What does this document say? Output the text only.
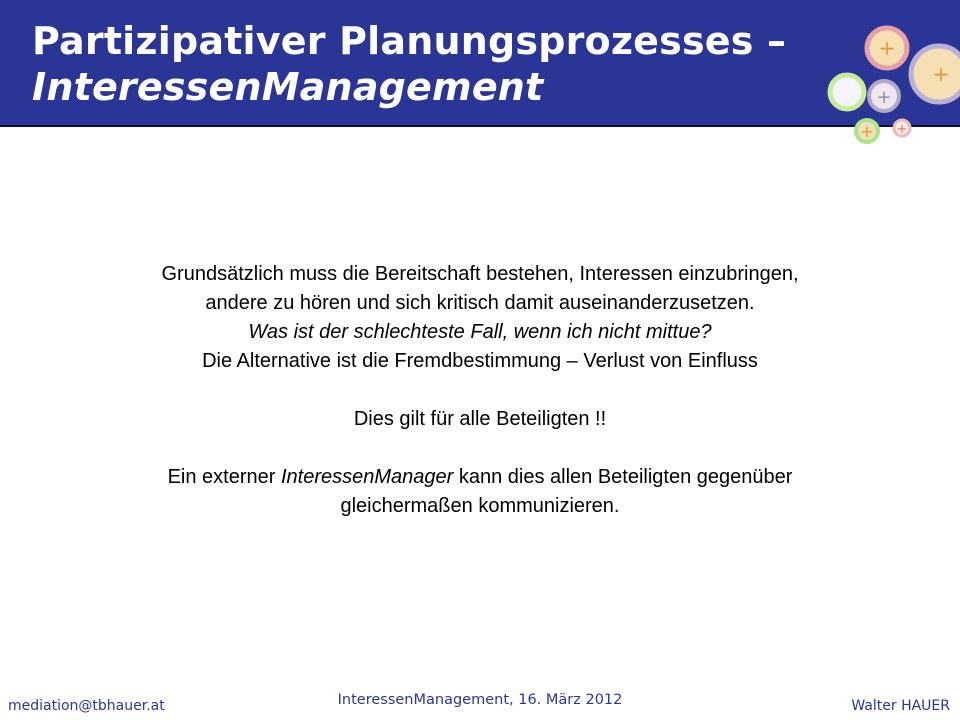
Partizipativer Planungsprozesses –
InteressenManagement
+
+
+
+ +

Grundsätzlich muss die Bereitschaft bestehen, Interessen einzubringen,

andere zu hören und sich kritisch damit auseinanderzusetzen.

Was ist der schlechteste Fall, wenn ich nicht mittue?

Die Alternative ist die Fremdbestimmung – Verlust von Einfluss

Dies gilt für alle Beteiligten !!

Ein externer InteressenManager kann dies allen Beteiligten gegenüber

gleichermaßen kommunizieren.

mediation@tbhauer.at	InteressenManagement, 16. März 2012	Walter HAUER
